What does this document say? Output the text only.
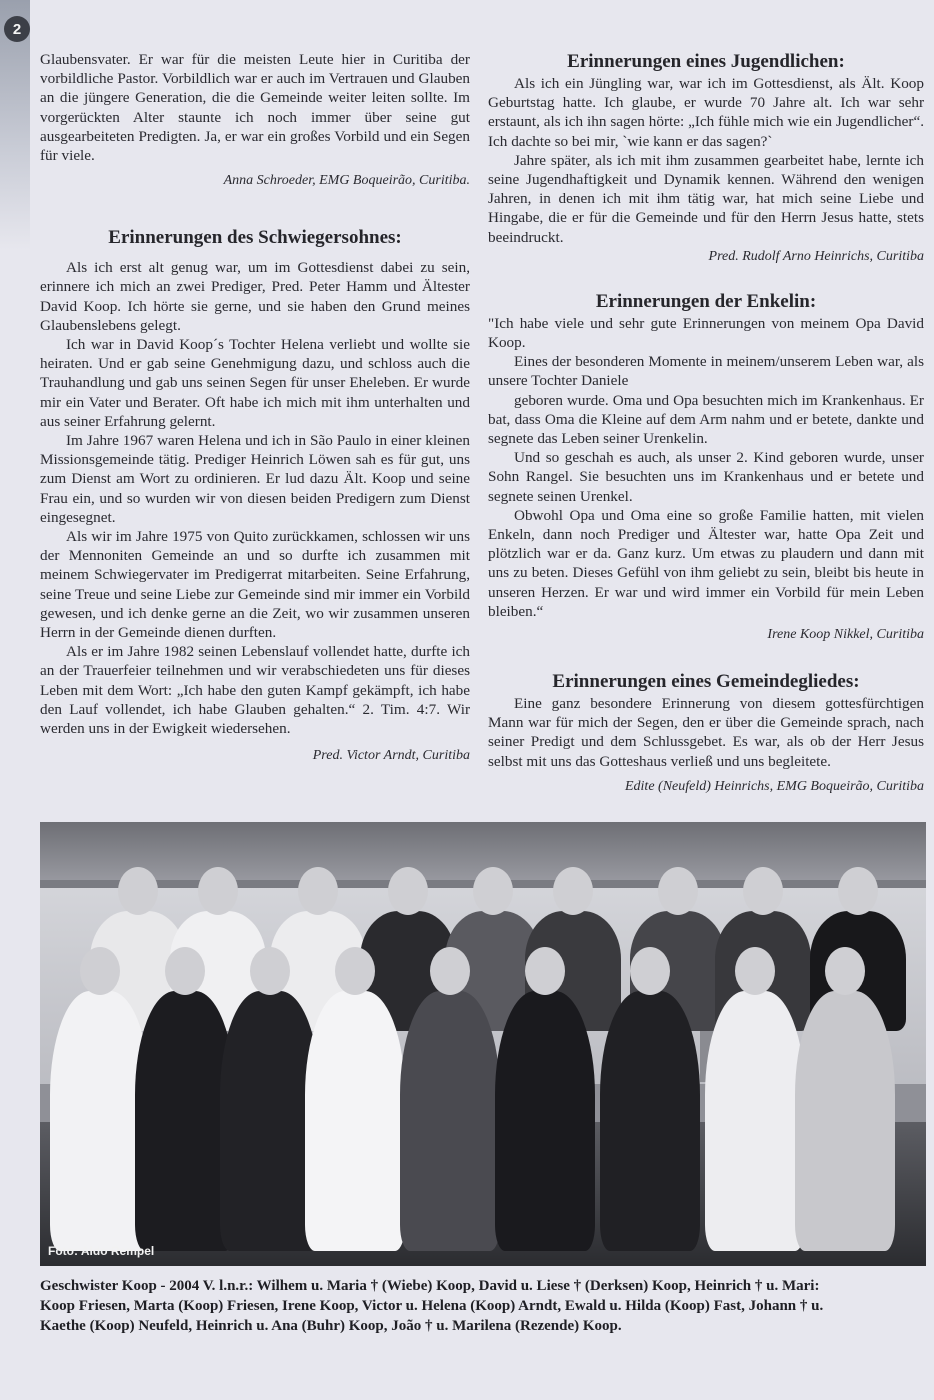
2

Glaubensvater. Er war für die meisten Leute hier in Curitiba der vorbildliche Pastor. Vorbildlich war er auch im Vertrauen und Glauben an die jüngere Generation, die die Gemeinde weiter leiten sollte. Im vorgerückten Alter staunte ich noch immer über seine gut ausgearbeiteten Predigten. Ja, er war ein großes Vorbild und ein Segen für viele.

Anna Schroeder, EMG Boqueirão, Curitiba.

Erinnerungen des Schwiegersohnes:

Als ich erst alt genug war, um im Gottesdienst dabei zu sein, erinnere ich mich an zwei Prediger, Pred. Peter Hamm und Ältester David Koop. Ich hörte sie gerne, und sie haben den Grund meines Glaubenslebens gelegt.

Ich war in David Koop´s Tochter Helena verliebt und wollte sie heiraten. Und er gab seine Genehmigung dazu, und schloss auch die Trauhandlung und gab uns seinen Segen für unser Eheleben. Er wurde mir ein Vater und Berater. Oft habe ich mich mit ihm unterhalten und aus seiner Erfahrung gelernt.

Im Jahre 1967 waren Helena und ich in São Paulo in einer kleinen Missionsgemeinde tätig. Prediger Heinrich Löwen sah es für gut, uns zum Dienst am Wort zu ordinieren. Er lud dazu Ält. Koop und seine Frau ein, und so wurden wir von diesen beiden Predigern zum Dienst eingesegnet.

Als wir im Jahre 1975 von Quito zurückkamen, schlossen wir uns der Mennoniten Gemeinde an und so durfte ich zusammen mit meinem Schwiegervater im Predigerrat mitarbeiten. Seine Erfahrung, seine Treue und seine Liebe zur Gemeinde sind mir immer ein Vorbild gewesen, und ich denke gerne an die Zeit, wo wir zusammen unseren Herrn in der Gemeinde dienen durften.

Als er im Jahre 1982 seinen Lebenslauf vollendet hatte, durfte ich an der Trauerfeier teilnehmen und wir verabschiedeten uns für dieses Leben mit dem Wort: „Ich habe den guten Kampf gekämpft, ich habe den Lauf vollendet, ich habe Glauben gehalten.“ 2. Tim. 4:7. Wir werden uns in der Ewigkeit wiedersehen.

Pred. Victor Arndt, Curitiba

Erinnerungen eines Jugendlichen:

Als ich ein Jüngling war, war ich im Gottesdienst, als Ält. Koop Geburtstag hatte. Ich glaube, er wurde 70 Jahre alt. Ich war sehr erstaunt, als ich ihn sagen hörte: „Ich fühle mich wie ein Jugendlicher“. Ich dachte so bei mir, `wie kann er das sagen?`

Jahre später, als ich mit ihm zusammen gearbeitet habe, lernte ich seine Jugendhaftigkeit und Dynamik kennen. Während den wenigen Jahren, in denen ich mit ihm tätig war, hat mich seine Liebe und Hingabe, die er für die Gemeinde und für den Herrn Jesus hatte, stets beeindruckt.

Pred. Rudolf Arno Heinrichs, Curitiba

Erinnerungen der Enkelin:

"Ich habe viele und sehr gute Erinnerungen von meinem Opa David Koop.

Eines der besonderen Momente in meinem/unserem Leben war, als unsere Tochter Daniele

geboren wurde. Oma und Opa besuchten mich im Krankenhaus. Er bat, dass Oma die Kleine auf dem Arm nahm und er betete, dankte und segnete das Leben seiner Urenkelin.

Und so geschah es auch, als unser 2. Kind geboren wurde, unser Sohn Rangel. Sie besuchten uns im Krankenhaus und er betete und segnete seinen Urenkel.

Obwohl Opa und Oma eine so große Familie hatten, mit vielen Enkeln, dann noch Prediger und Ältester war, hatte Opa Zeit und plötzlich war er da. Ganz kurz. Um etwas zu plaudern und dann mit uns zu beten. Dieses Gefühl von ihm geliebt zu sein, bleibt bis heute in unseren Herzen. Er war und wird immer ein Vorbild für mein Leben bleiben.“

Irene Koop Nikkel, Curitiba

Erinnerungen eines Gemeindegliedes:

Eine ganz besondere Erinnerung von diesem gottesfürchtigen Mann war für mich der Segen, den er über die Gemeinde sprach, nach seiner Predigt und dem Schlussgebet. Es war, als ob der Herr Jesus selbst mit uns das Gotteshaus verließ und uns begleitete.

Edite (Neufeld) Heinrichs, EMG Boqueirão, Curitiba

Foto: Aldo Rempel
Geschwister Koop - 2004 V. l.n.r.: Wilhem u. Maria † (Wiebe) Koop, David u. Liese † (Derksen) Koop, Heinrich † u. Mari:
Koop Friesen, Marta (Koop) Friesen, Irene Koop, Victor u. Helena (Koop) Arndt, Ewald u. Hilda (Koop) Fast, Johann † u.
Kaethe (Koop) Neufeld, Heinrich u. Ana (Buhr) Koop, João † u. Marilena (Rezende) Koop.
